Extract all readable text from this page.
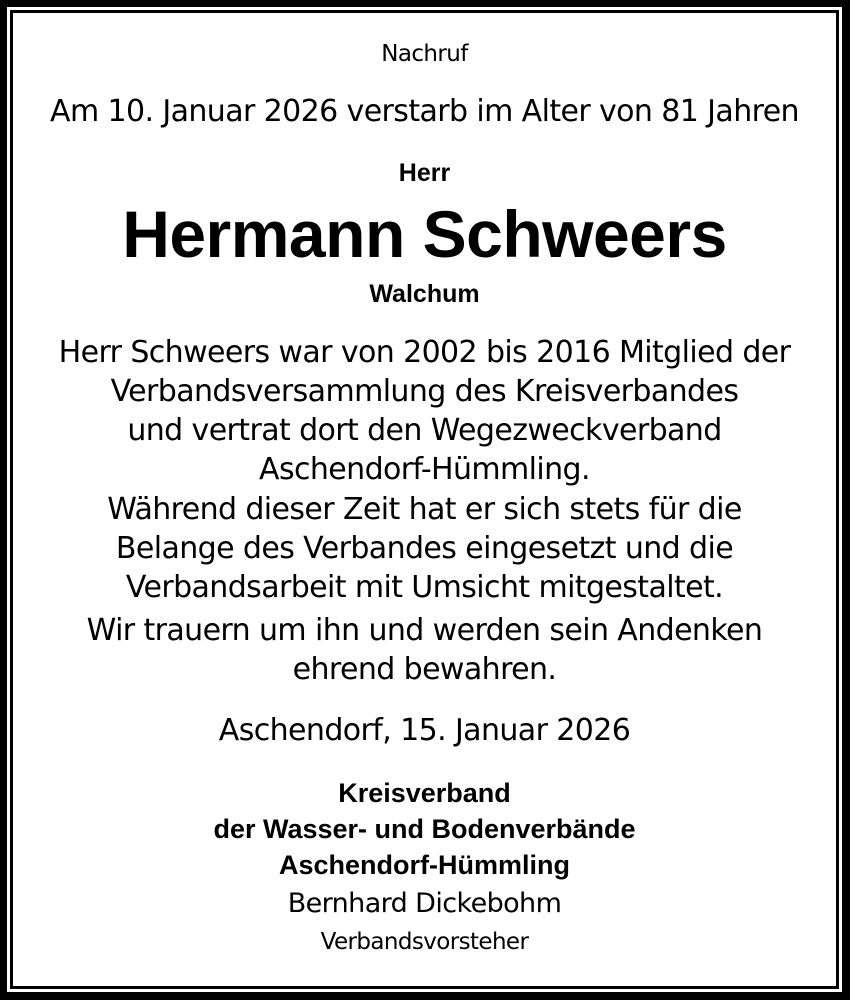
Nachruf
Am 10. Januar 2026 verstarb im Alter von 81 Jahren
Herr
Hermann Schweers
Walchum
Herr Schweers war von 2002 bis 2016 Mitglied der
Verbandsversammlung des Kreisverbandes
und vertrat dort den Wegezweckverband
Aschendorf-Hümmling.
Während dieser Zeit hat er sich stets für die
Belange des Verbandes eingesetzt und die
Verbandsarbeit mit Umsicht mitgestaltet.
Wir trauern um ihn und werden sein Andenken
ehrend bewahren.
Aschendorf, 15. Januar 2026
Kreisverband
der Wasser- und Bodenverbände
Aschendorf-Hümmling
Bernhard Dickebohm
Verbandsvorsteher
